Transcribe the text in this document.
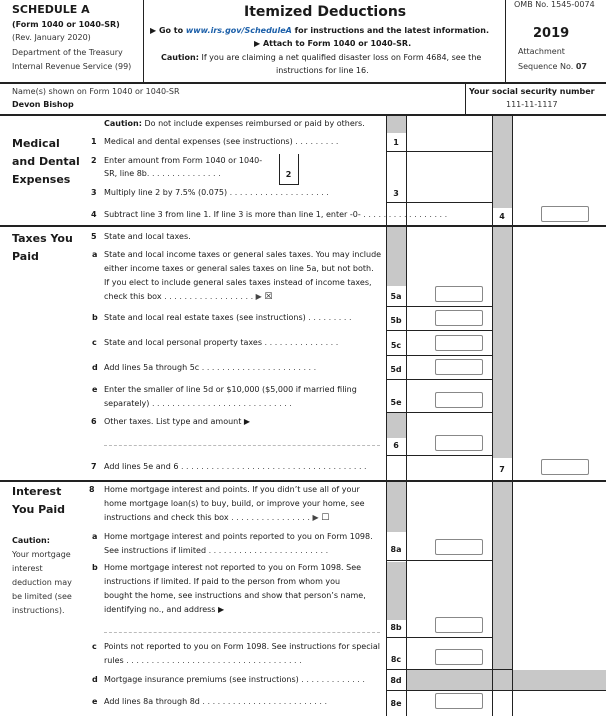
SCHEDULE A
(Form 1040 or 1040-SR)
(Rev. January 2020)
Department of the Treasury
Internal Revenue Service (99)
Itemized Deductions
▶ Go to www.irs.gov/ScheduleA for instructions and the latest information.
▶ Attach to Form 1040 or 1040-SR.
Caution: If you are claiming a net qualified disaster loss on Form 4684, see the
instructions for line 16.
OMB No. 1545-0074
2019
Attachment
Sequence No. 07
Name(s) shown on Form 1040 or 1040-SR
Devon Bishop
Your social security number
111-11-1117
Medical
and Dental
Expenses
Caution: Do not include expenses reimbursed or paid by others.
1 Medical and dental expenses (see instructions) . . . . . . . . .	1
2 Enter amount from Form 1040 or 1040-
SR, line 8b. . . . . . . . . . . . . . .	2
3 Multiply line 2 by 7.5% (0.075) . . . . . . . . . . . . . . . . . . . .	3
4 Subtract line 3 from line 1. If line 3 is more than line 1, enter -0- . . . . . . . . . . . . . . . . .	4
Taxes You
Paid
5 State and local taxes.
a State and local income taxes or general sales taxes. You may include
either income taxes or general sales taxes on line 5a, but not both.
If you elect to include general sales taxes instead of income taxes,
check this box . . . . . . . . . . . . . . . . . . ▶ ☒	5a
b State and local real estate taxes (see instructions) . . . . . . . . .	5b
c State and local personal property taxes . . . . . . . . . . . . . . .	5c
d Add lines 5a through 5c . . . . . . . . . . . . . . . . . . . . . . .	5d
e Enter the smaller of line 5d or $10,000 ($5,000 if married filing
separately) . . . . . . . . . . . . . . . . . . . . . . . . . . . .	5e
6 Other taxes. List type and amount ▶
6
7 Add lines 5e and 6 . . . . . . . . . . . . . . . . . . . . . . . . . . . . . . . . . . . . .	7
Interest
You Paid
Caution:
Your mortgage
interest
deduction may
be limited (see
instructions).
8 Home mortgage interest and points. If you didn’t use all of your
home mortgage loan(s) to buy, build, or improve your home, see
instructions and check this box . . . . . . . . . . . . . . . . ▶ ☐
a Home mortgage interest and points reported to you on Form 1098.
See instructions if limited . . . . . . . . . . . . . . . . . . . . . . . .	8a
b Home mortgage interest not reported to you on Form 1098. See
instructions if limited. If paid to the person from whom you
bought the home, see instructions and show that person’s name,
identifying no., and address ▶
8b
c Points not reported to you on Form 1098. See instructions for special
rules . . . . . . . . . . . . . . . . . . . . . . . . . . . . . . . . . . .	8c
d Mortgage insurance premiums (see instructions) . . . . . . . . . . . . .	8d
e Add lines 8a through 8d . . . . . . . . . . . . . . . . . . . . . . . . .	8e
